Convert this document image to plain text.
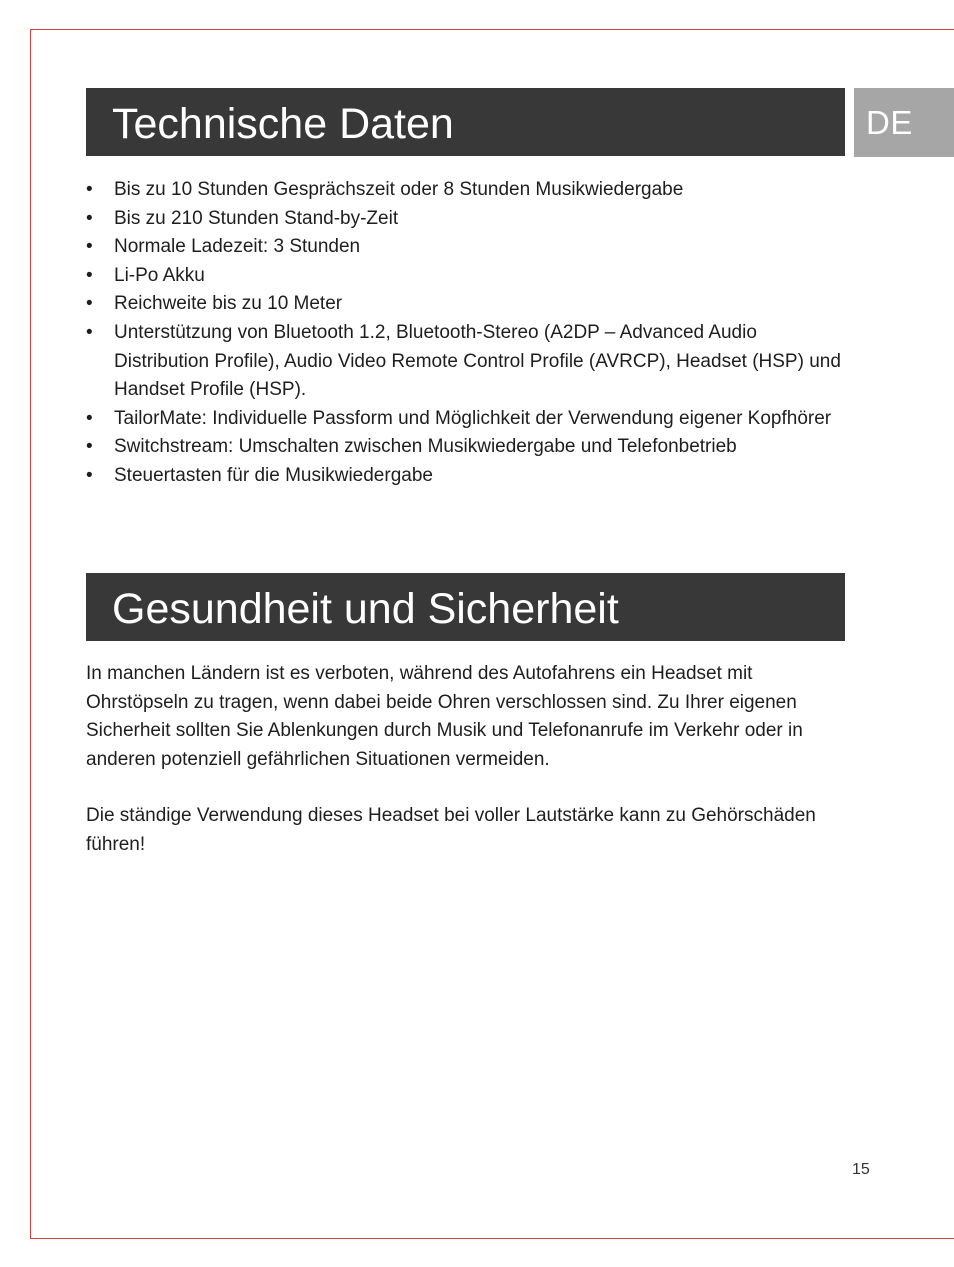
DE
Technische Daten
• Bis zu 10 Stunden Gesprächszeit oder 8 Stunden Musikwiedergabe
• Bis zu 210 Stunden Stand-by-Zeit
• Normale Ladezeit: 3 Stunden
• Li-Po Akku
• Reichweite bis zu 10 Meter
• Unterstützung von Bluetooth 1.2, Bluetooth-Stereo (A2DP – Advanced Audio Distribution Profile), Audio Video Remote Control Profile (AVRCP), Headset (HSP) und Handset Profile (HSP).
• TailorMate: Individuelle Passform und Möglichkeit der Verwendung eigener Kopfhörer
• Switchstream: Umschalten zwischen Musikwiedergabe und Telefonbetrieb
• Steuertasten für die Musikwiedergabe
Gesundheit und Sicherheit

In manchen Ländern ist es verboten, während des Autofahrens ein Headset mit Ohrstöpseln zu tragen, wenn dabei beide Ohren verschlossen sind. Zu Ihrer eigenen Sicherheit sollten Sie Ablenkungen durch Musik und Telefonanrufe im Verkehr oder in anderen potenziell gefährlichen Situationen vermeiden.

Die ständige Verwendung dieses Headset bei voller Lautstärke kann zu Gehörschäden führen!

15
